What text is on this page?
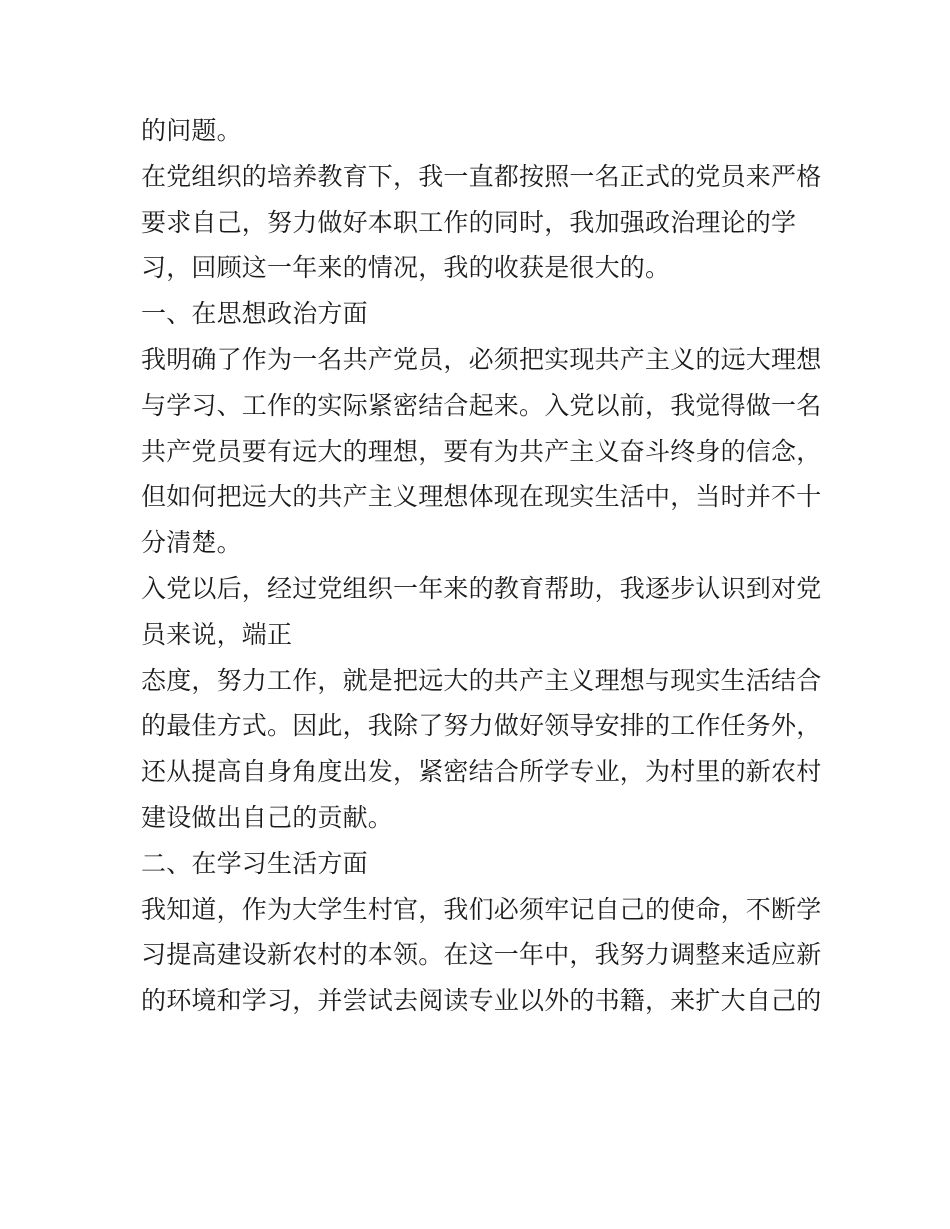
的问题。
在党组织的培养教育下，我一直都按照一名正式的党员来严格
要求自己，努力做好本职工作的同时，我加强政治理论的学
习，回顾这一年来的情况，我的收获是很大的。
一、在思想政治方面
我明确了作为一名共产党员，必须把实现共产主义的远大理想
与学习、工作的实际紧密结合起来。入党以前，我觉得做一名
共产党员要有远大的理想，要有为共产主义奋斗终身的信念，
但如何把远大的共产主义理想体现在现实生活中，当时并不十
分清楚。
入党以后，经过党组织一年来的教育帮助，我逐步认识到对党
员来说，端正
态度，努力工作，就是把远大的共产主义理想与现实生活结合
的最佳方式。因此，我除了努力做好领导安排的工作任务外，
还从提高自身角度出发，紧密结合所学专业，为村里的新农村
建设做出自己的贡献。
二、在学习生活方面
我知道，作为大学生村官，我们必须牢记自己的使命，不断学
习提高建设新农村的本领。在这一年中，我努力调整来适应新
的环境和学习，并尝试去阅读专业以外的书籍，来扩大自己的
